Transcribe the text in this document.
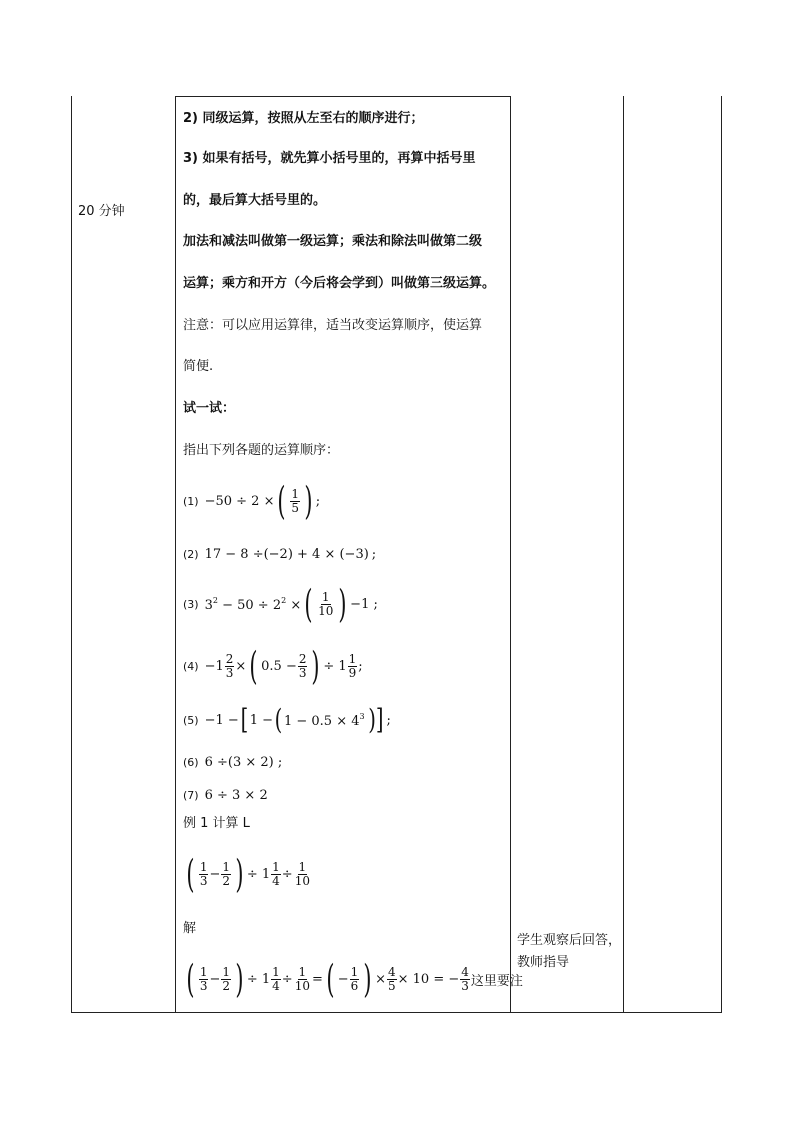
20 分钟
2) 同级运算，按照从左至右的顺序进行；
3) 如果有括号，就先算小括号里的，再算中括号里
的，最后算大括号里的。
加法和减法叫做第一级运算；乘法和除法叫做第二级
运算；乘方和开方（今后将会学到）叫做第三级运算。
注意：可以应用运算律，适当改变运算顺序，使运算
简便.
试一试：
指出下列各题的运算顺序：
(1) −50 ÷ 2 × ( $\frac{1}{5}$ ) ;
(2) 17 − 8 ÷ (−2) + 4 × (−3) ;
(3) $3^2 - 50 \div 2^2$ × ( $\frac{1}{10}$ ) −1 ;
$(4) -1 \frac{2}{3}$ × ( $0.5 - \frac{2}{3}$ ) ÷ $1 \frac{1}{9}$ ;
(5) −1 − [ 1 − ( $1 - 0.5 \times 4^3$ )] ;
(6) 6 ÷ (3 × 2) ;
(7) 6 ÷ 3 × 2
例 1 计算 L
( $\frac{1}{3} - \frac{1}{2}$ ) ÷ $1 \frac{1}{4} \div \frac{1}{10}$
解
( $\frac{1}{3} - \frac{1}{2}$ ) ÷ $1 \frac{1}{4} \div \frac{1}{10}$ = ( − $\frac{1}{6}$ ) × $\frac{4}{5} \times 10$ = − $\frac{4}{3}$ 这里要注
学生观察后回答，
教师指导
